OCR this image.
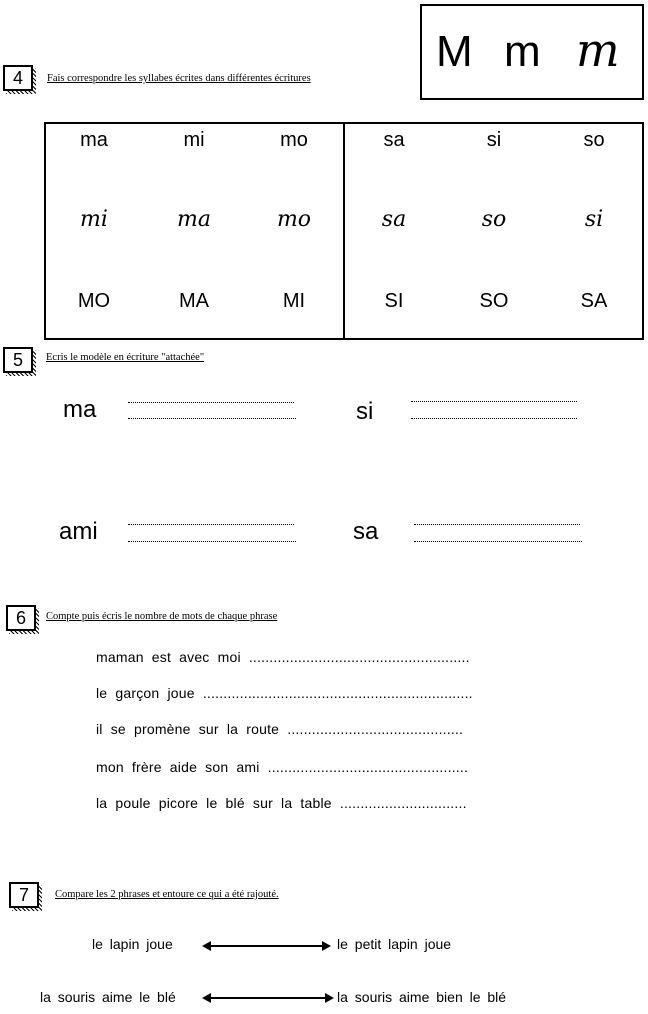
M m m
4	Fais correspondre les syllabes écrites dans différentes écritures
ma	mi	mo	sa	si	so
mi	ma	mo	sa	so	si
MO	MA	MI	SI	SO	SA
5	Ecris le modèle en écriture "attachée"
ma	si
ami	sa
6	Compte puis écris le nombre de mots de chaque phrase
maman est avec moi ......................................................
le garçon joue ..................................................................
il se promène sur la route ...........................................
mon frère aide son ami .................................................
la poule picore le blé sur la table ...............................
7	Compare les 2 phrases et entoure ce qui a été rajouté.
le lapin joue	le petit lapin joue
la souris aime le blé	la souris aime bien le blé
